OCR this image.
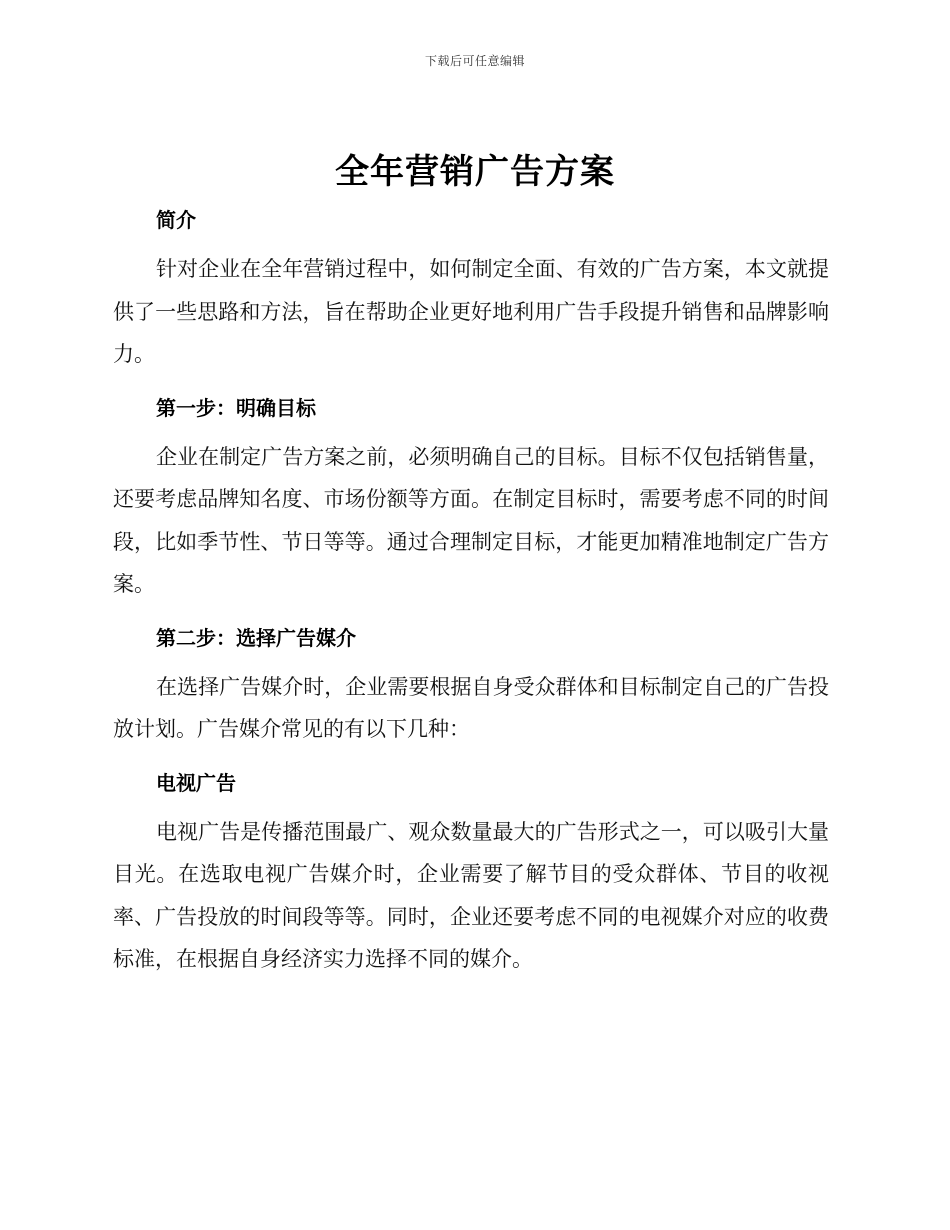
下载后可任意编辑
全年营销广告方案
简介

针对企业在全年营销过程中，如何制定全面、有效的广告方案，本文就提供了一些思路和方法，旨在帮助企业更好地利用广告手段提升销售和品牌影响力。

第一步：明确目标

企业在制定广告方案之前，必须明确自己的目标。目标不仅包括销售量，还要考虑品牌知名度、市场份额等方面。在制定目标时，需要考虑不同的时间段，比如季节性、节日等等。通过合理制定目标，才能更加精准地制定广告方案。

第二步：选择广告媒介

在选择广告媒介时，企业需要根据自身受众群体和目标制定自己的广告投放计划。广告媒介常见的有以下几种：

电视广告

电视广告是传播范围最广、观众数量最大的广告形式之一，可以吸引大量目光。在选取电视广告媒介时，企业需要了解节目的受众群体、节目的收视率、广告投放的时间段等等。同时，企业还要考虑不同的电视媒介对应的收费标准，在根据自身经济实力选择不同的媒介。
